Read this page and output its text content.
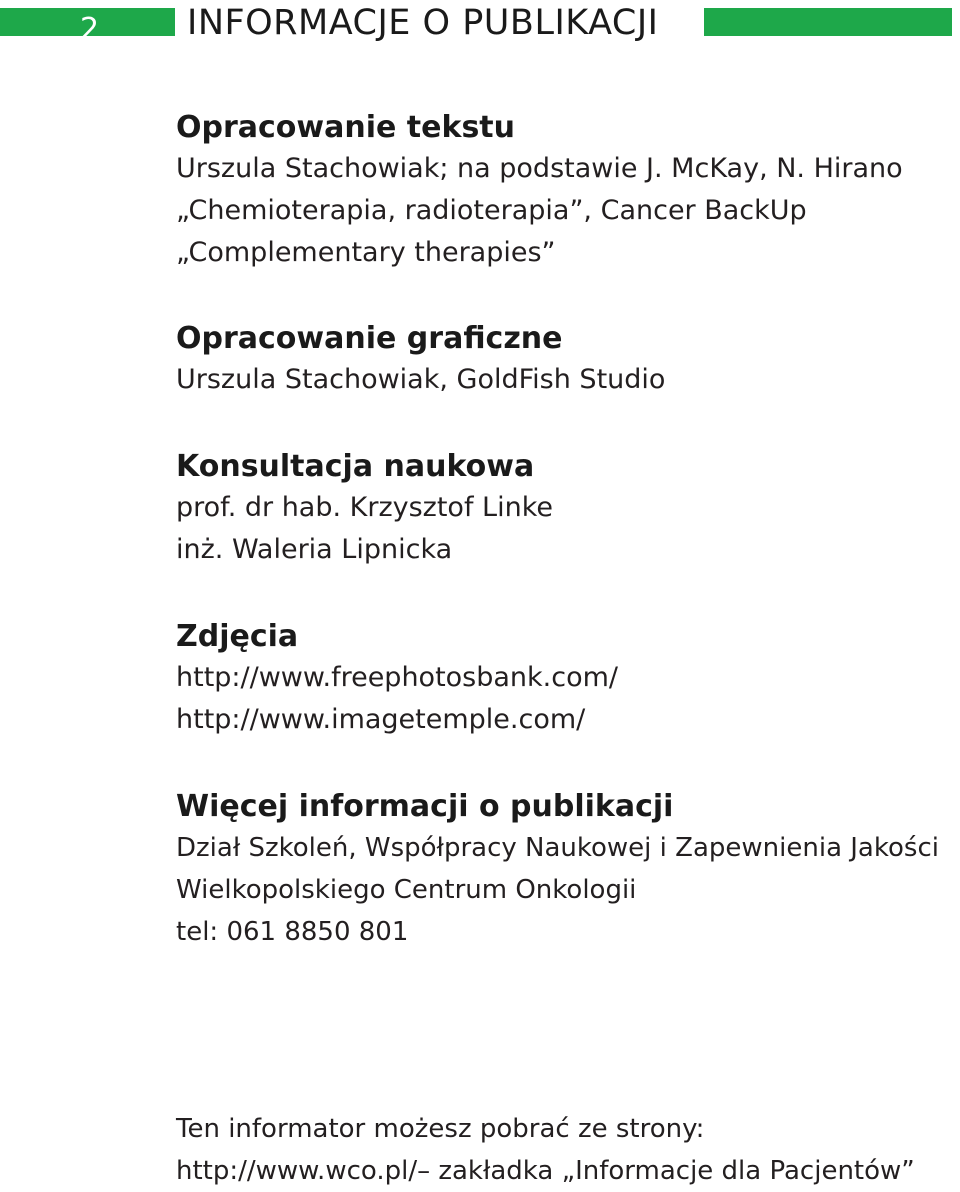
2	INFORMACJE O PUBLIKACJI
Opracowanie tekstu
Urszula Stachowiak; na podstawie J. McKay, N. Hirano
„Chemioterapia, radioterapia”, Cancer BackUp
„Complementary therapies”
Opracowanie graficzne
Urszula Stachowiak, GoldFish Studio
Konsultacja naukowa
prof. dr hab. Krzysztof Linke
inż. Waleria Lipnicka
Zdjęcia
http://www.freephotosbank.com/
http://www.imagetemple.com/
Więcej informacji o publikacji
Dział Szkoleń, Współpracy Naukowej i Zapewnienia Jakości
Wielkopolskiego Centrum Onkologii
tel: 061 8850 801
Ten informator możesz pobrać ze strony:
http://www.wco.pl/– zakładka „Informacje dla Pacjentów”
